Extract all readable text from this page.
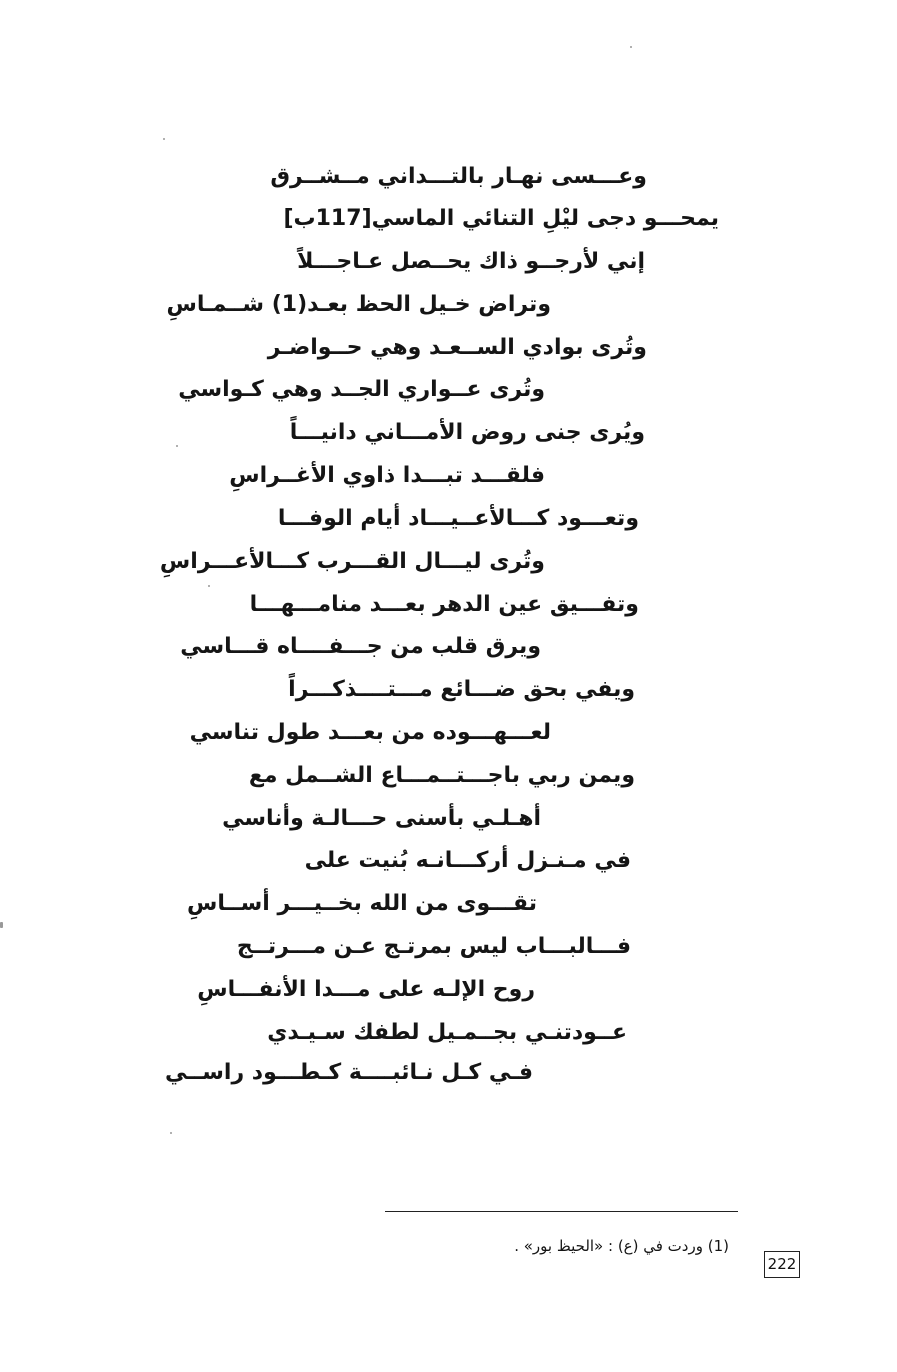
وعـــسى نهـار بالتـــداني مــشــرق
يمحـــو دجى ليْلِ التنائي الماسي[117ب]
إني لأرجــو ذاك يحــصل عـاجـــلاً
وتراض خـيل الحظ بعـد(1) شــمـاسِ
وتُرى بوادي الســعـد وهي حــواضـر
وتُرى عــواري الجــد وهي كـواسي
ويُرى جنى روض الأمـــاني دانيـــاً
فلقـــد تبـــدا ذاوي الأغــراسِ
وتعـــود كـــالأعــيـــاد أيام الوفـــا
وتُرى ليـــال القـــرب كـــالأعـــراسِ
وتفـــيق عين الدهر بعـــد منامـــهـــا
ويرق قلب من جـــفــــاه قـــاسي
ويفي بحق ضـــائع مـــتــــذكـــراً
لعـــهـــوده من بعـــد طول تناسي
ويمن ربي باجـــتــمـــاع الشــمل مع
أهـلـي بأسنى حـــالـة وأناسي
في مـنـزل أركـــانـه بُنيت على
تقـــوى من الله بخــيـــر أســاسِ
فـــالبـــاب ليس بمرتـج عـن مـــرتــج
روح الإلـه على مـــدا الأنفـــاسِ
عــودتنـي بجــمـيل لطفك سـيـدي
فـي كـل نـائبــــة كـطـــود راســي
(1) وردت في (ع) : «الحيظ بور» .
222
